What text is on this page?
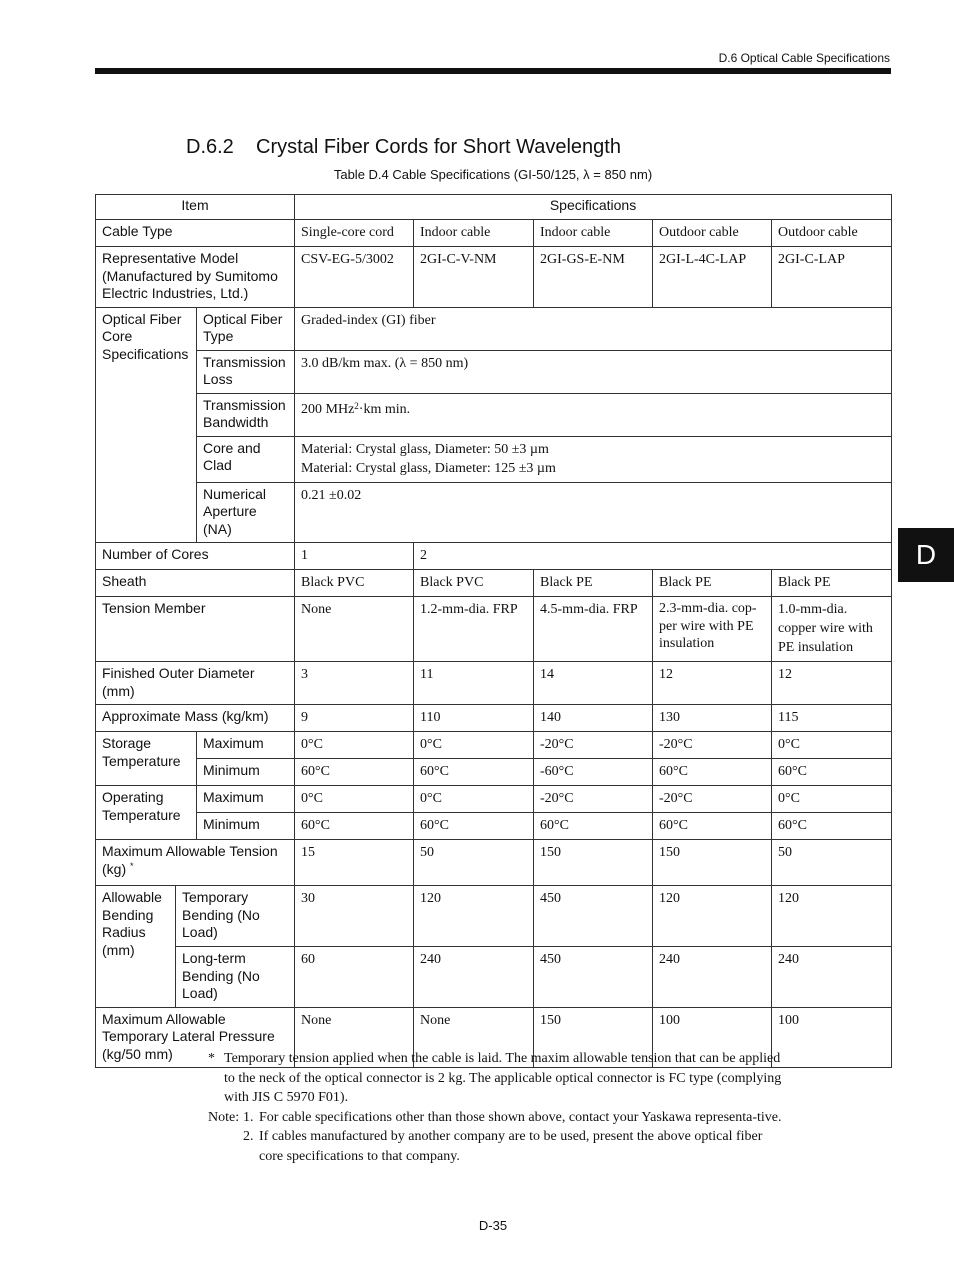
D.6 Optical Cable Specifications
D
D.6.2    Crystal Fiber Cords for Short Wavelength
Table D.4 Cable Specifications (GI-50/125, λ = 850 nm)
Item			Specifications				
Cable Type			Single-core cord	Indoor cable	Indoor cable	Outdoor cable	Outdoor cable
Representative Model (Manufactured by Sumitomo Electric Industries, Ltd.)			CSV-EG-5/3002	2GI-C-V-NM	2GI-GS-E-NM	2GI-L-4C-LAP	2GI-C-LAP
Optical Fiber Core Specifications		Optical Fiber Type	Graded-index (GI) fiber				
		Transmission Loss	3.0 dB/km max. (λ = 850 nm)				
		Transmission Bandwidth	200 MHz$^2$·km min.				
		Core and Clad	Material: Crystal glass, Diameter: 50 ±3 µm
Material: Crystal glass, Diameter: 125 ±3 µm				

		Numerical Aperture (NA)	0.21 ±0.02				
Number of Cores			1	2			
Sheath			Black PVC	Black PVC	Black PE	Black PE	Black PE
Tension Member			None	1.2-mm-dia. FRP	4.5-mm-dia. FRP	2.3-mm-dia. cop-per wire with PE insulation	1.0-mm-dia. copper wire with PE insulation
Finished Outer Diameter (mm)			3	11	14	12	12
Approximate Mass (kg/km)			9	110	140	130	115
Storage Temperature		Maximum	0°C	0°C	-20°C	-20°C	0°C
		Minimum	60°C	60°C	-60°C	60°C	60°C
Operating Temperature		Maximum	0°C	0°C	-20°C	-20°C	0°C
		Minimum	60°C	60°C	60°C	60°C	60°C
Maximum Allowable Tension (kg) *			15	50	150	150	50
Allowable Bending Radius (mm)	Temporary Bending (No Load)		30	120	450	120	120
	Long-term Bending (No Load)		60	240	450	240	240
Maximum Allowable Temporary Lateral Pressure (kg/50 mm)			None	None	150	100	100
* Temporary tension applied when the cable is laid. The maxim allowable tension that can be applied to the neck of the optical connector is 2 kg. The applicable optical connector is FC type (complying with JIS C 5970 F01).
Note: 1. For cable specifications other than those shown above, contact your Yaskawa representa-tive.
2. If cables manufactured by another company are to be used, present the above optical fiber core specifications to that company.
D-35
